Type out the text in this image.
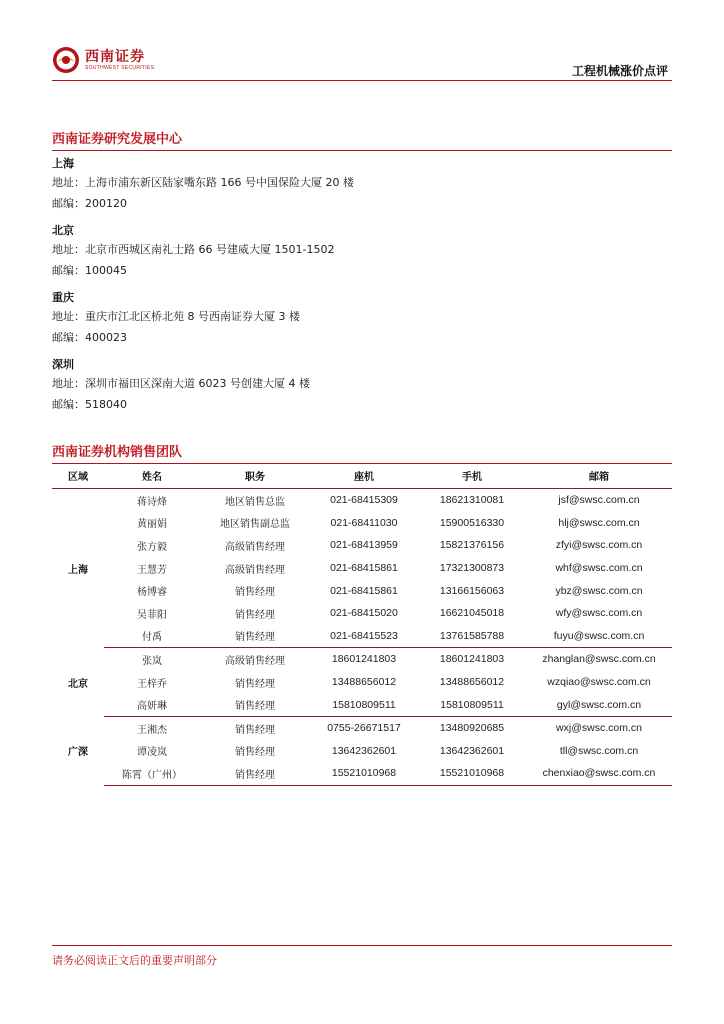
西南证券
SOUTHWEST SECURITIES	工程机械涨价点评
西南证券研究发展中心
上海
地址：上海市浦东新区陆家嘴东路 166 号中国保险大厦 20 楼
邮编：200120
北京
地址：北京市西城区南礼士路 66 号建威大厦 1501-1502
邮编：100045
重庆
地址：重庆市江北区桥北苑 8 号西南证券大厦 3 楼
邮编：400023
深圳
地址：深圳市福田区深南大道 6023 号创建大厦 4 楼
邮编：518040
西南证券机构销售团队
区域	姓名	职务	座机	手机	邮箱
上海	蒋诗烽	地区销售总监	021-68415309	18621310081	jsf@swsc.com.cn
	黄丽娟	地区销售副总监	021-68411030	15900516330	hlj@swsc.com.cn
	张方毅	高级销售经理	021-68413959	15821376156	zfyi@swsc.com.cn
	王慧芳	高级销售经理	021-68415861	17321300873	whf@swsc.com.cn
	杨博睿	销售经理	021-68415861	13166156063	ybz@swsc.com.cn
	吴菲阳	销售经理	021-68415020	16621045018	wfy@swsc.com.cn
	付禹	销售经理	021-68415523	13761585788	fuyu@swsc.com.cn
北京	张岚	高级销售经理	18601241803	18601241803	zhanglan@swsc.com.cn
	王梓乔	销售经理	13488656012	13488656012	wzqiao@swsc.com.cn
	高妍琳	销售经理	15810809511	15810809511	gyl@swsc.com.cn
广深	王湘杰	销售经理	0755-26671517	13480920685	wxj@swsc.com.cn
	谭凌岚	销售经理	13642362601	13642362601	tll@swsc.com.cn
	陈霄（广州）	销售经理	15521010968	15521010968	chenxiao@swsc.com.cn
请务必阅读正文后的重要声明部分
